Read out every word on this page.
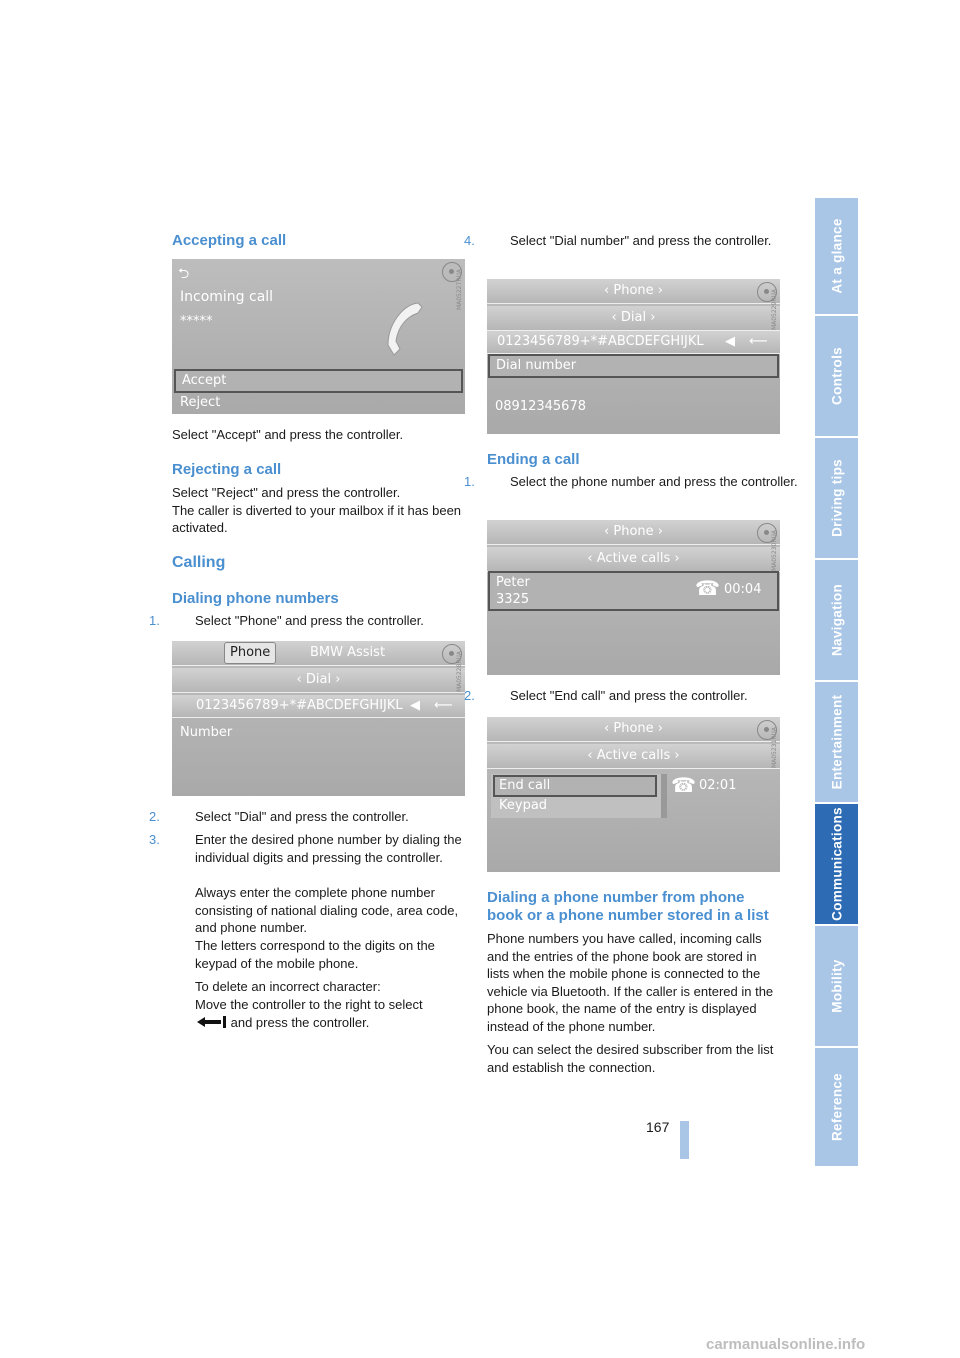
At a glance
Controls
Driving tips
Navigation
Entertainment
Communications
Mobility
Reference
Accepting a call
⮌
Incoming call
*****
Accept
Reject
MA05227RUA
Select "Accept" and press the controller.
Rejecting a call
Select "Reject" and press the controller.
The caller is diverted to your mailbox if it has been activated.
Calling
Dialing phone numbers
1.	Select "Phone" and press the controller.
Phone	BMW Assist
‹ Dial ›
0123456789+*#ABCDEFGHIJKL ◀ ⟵
Number
MA05228RUA
2.	Select "Dial" and press the controller.
3.	Enter the desired phone number by dialing the individual digits and pressing the controller.
Always enter the complete phone number consisting of national dialing code, area code, and phone number.
The letters correspond to the digits on the keypad of the mobile phone.
To delete an incorrect character:
Move the controller to the right to select
and press the controller.
4.	Select "Dial number" and press the controller.
‹ Phone ›
‹ Dial ›
0123456789+*#ABCDEFGHIJKL ◀ ⟵
Dial number
08912345678
MA05229RUA
Ending a call
1.	Select the phone number and press the controller.
‹ Phone ›
‹ Active calls ›
Peter
3325	☎ 00:04
MA05230RUA
2.	Select "End call" and press the controller.
‹ Phone ›
‹ Active calls ›
End call
Keypad
☎ 02:01
MA05231RUA
Dialing a phone number from phone book or a phone number stored in a list
Phone numbers you have called, incoming calls and the entries of the phone book are stored in lists when the mobile phone is connected to the vehicle via Bluetooth. If the caller is entered in the phone book, the name of the entry is displayed instead of the phone number.
You can select the desired subscriber from the list and establish the connection.
167
carmanualsonline.info
